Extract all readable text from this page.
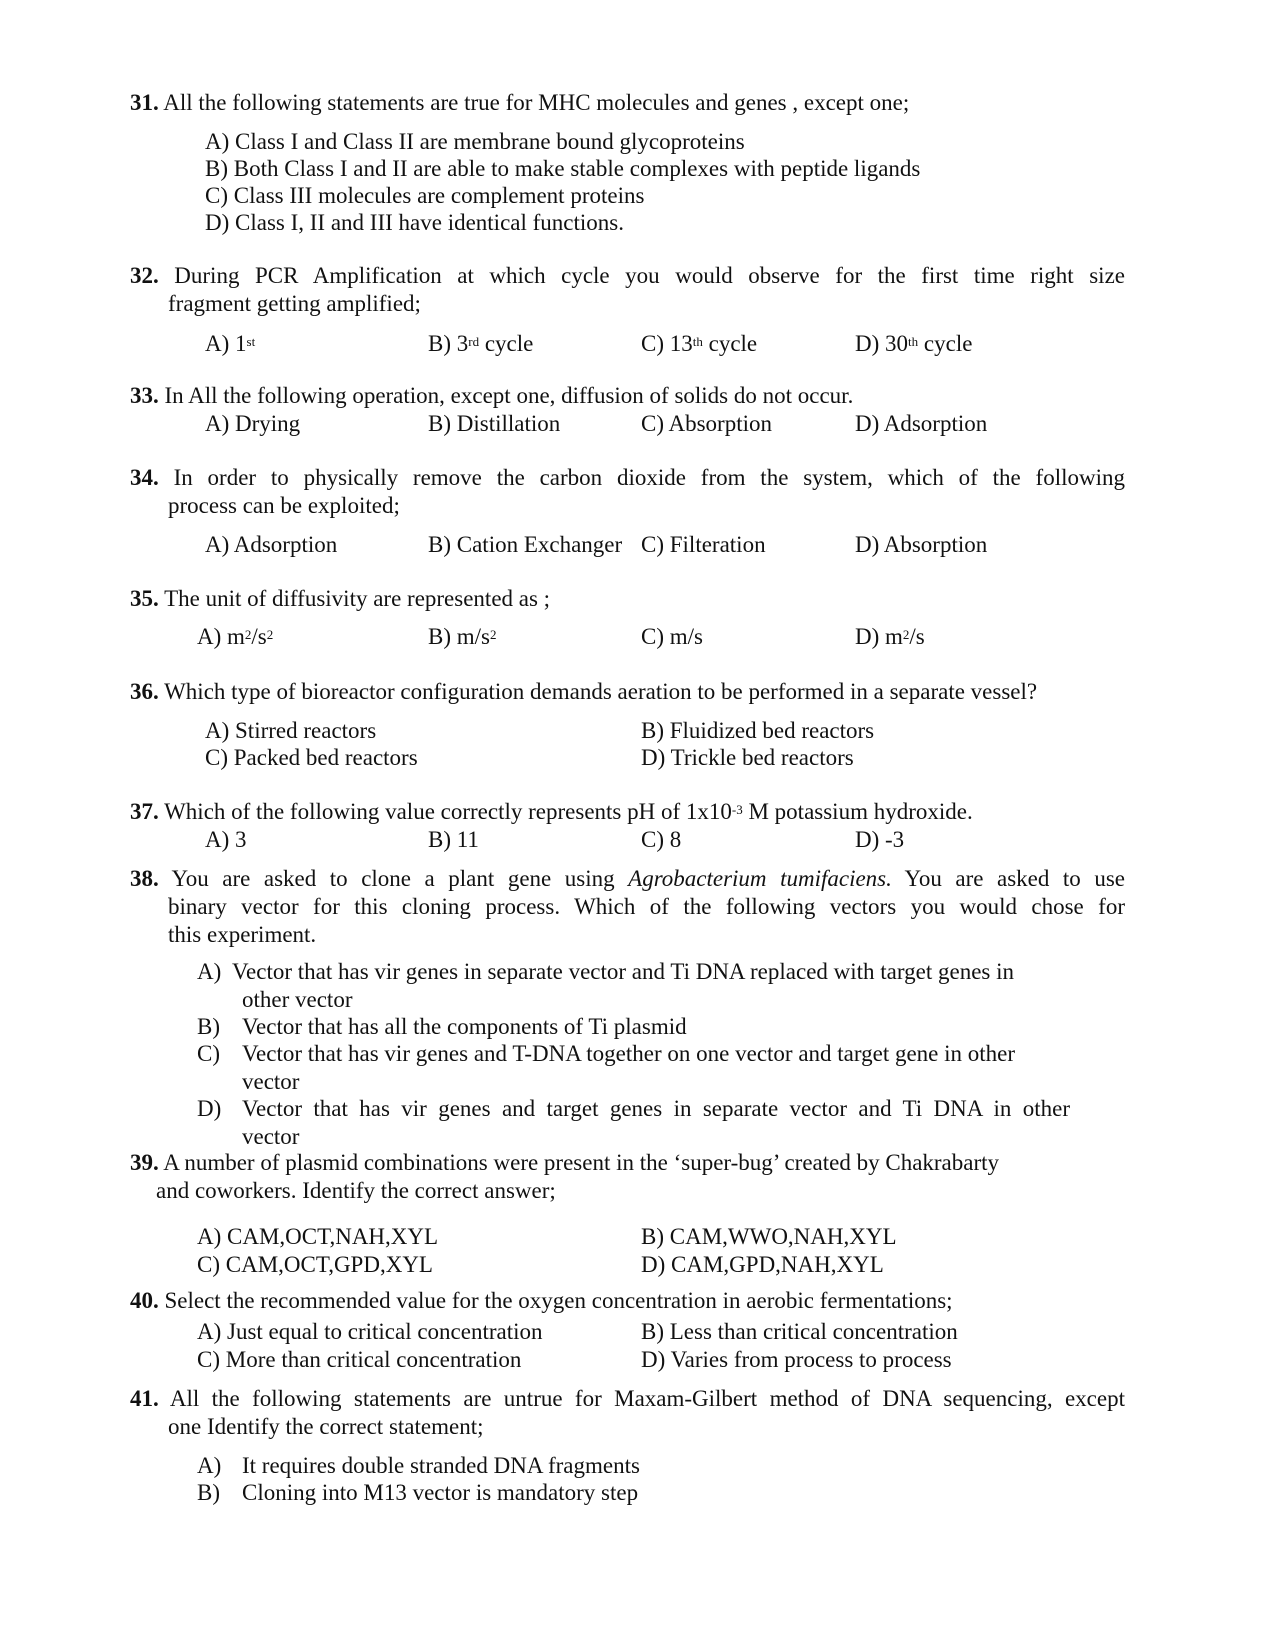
31. All the following statements are true for MHC molecules and genes , except one;
A) Class I and Class II are membrane bound glycoproteins
B) Both Class I and II are able to make stable complexes with peptide ligands
C) Class III molecules are complement proteins
D) Class I, II and III have identical functions.
32. During PCR Amplification at which cycle you would observe for the first time right size
fragment getting amplified;
A) 1st	B) 3rd cycle	C) 13th cycle	D) 30th cycle
33. In All the following operation, except one, diffusion of solids do not occur.
A) Drying	B) Distillation	C) Absorption	D) Adsorption
34. In order to physically remove the carbon dioxide from the system, which of the following
process can be exploited;
A) Adsorption	B) Cation Exchanger C) Filteration	D) Absorption
35. The unit of diffusivity are represented as ;
A) $m^2/s^2$	B) $m/s^2$	C) m/s	D) $m^2/s$
36. Which type of bioreactor configuration demands aeration to be performed in a separate vessel?
A) Stirred reactors	B) Fluidized bed reactors
C) Packed bed reactors	D) Trickle bed reactors
37. Which of the following value correctly represents pH of $1x10^{-3}$ M potassium hydroxide.
A) 3	B) 11	C) 8	D) -3
38. You are asked to clone a plant gene using Agrobacterium tumifaciens. You are asked to use
binary vector for this cloning process. Which of the following vectors you would chose for
this experiment.
A) Vector that has vir genes in separate vector and Ti DNA replaced with target genes in
other vector
B) Vector that has all the components of Ti plasmid
C) Vector that has vir genes and T-DNA together on one vector and target gene in other
vector
D) Vector that has vir genes and target genes in separate vector and Ti DNA in other
vector
39. A number of plasmid combinations were present in the ‘super-bug’ created by Chakrabarty
and coworkers. Identify the correct answer;
A) CAM,OCT,NAH,XYL	B) CAM,WWO,NAH,XYL
C) CAM,OCT,GPD,XYL	D) CAM,GPD,NAH,XYL
40. Select the recommended value for the oxygen concentration in aerobic fermentations;
A) Just equal to critical concentration	B) Less than critical concentration
C) More than critical concentration	D) Varies from process to process
41. All the following statements are untrue for Maxam-Gilbert method of DNA sequencing, except
one Identify the correct statement;
A) It requires double stranded DNA fragments
B) Cloning into M13 vector is mandatory step
